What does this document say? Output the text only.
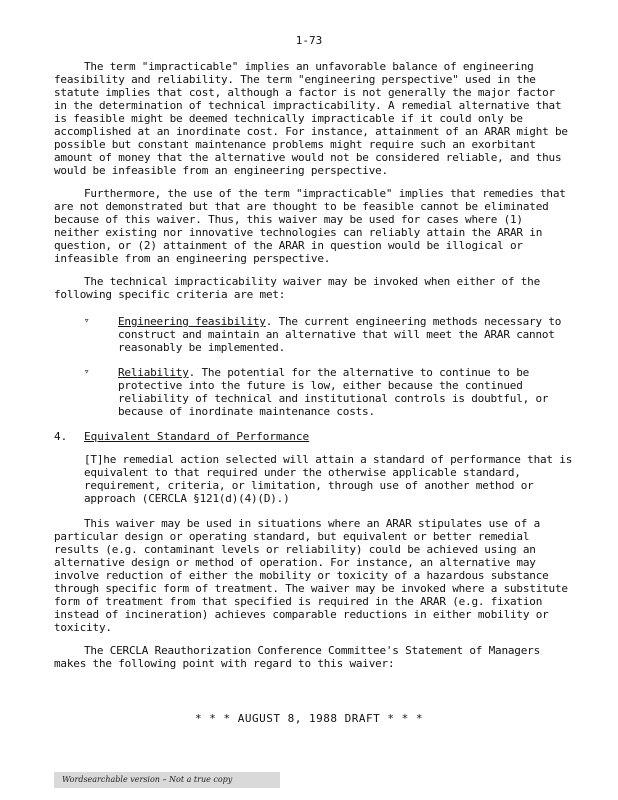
1-73

The term "impracticable" implies an unfavorable balance of engineering feasibility and reliability. The term "engineering perspective" used in the statute implies that cost, although a factor is not generally the major factor in the determination of technical impracticability. A remedial alternative that is feasible might be deemed technically impracticable if it could only be accomplished at an inordinate cost. For instance, attainment of an ARAR might be possible but constant maintenance problems might require such an exorbitant amount of money that the alternative would not be considered reliable, and thus would be infeasible from an engineering perspective.

Furthermore, the use of the term "impracticable" implies that remedies that are not demonstrated but that are thought to be feasible cannot be eliminated because of this waiver. Thus, this waiver may be used for cases where (1) neither existing nor innovative technologies can reliably attain the ARAR in question, or (2) attainment of the ARAR in question would be illogical or infeasible from an engineering perspective.

The technical impracticability waiver may be invoked when either of the following specific criteria are met:

▿	Engineering feasibility. The current engineering methods necessary to construct and maintain an alternative that will meet the ARAR cannot reasonably be implemented.
▿	Reliability. The potential for the alternative to continue to be protective into the future is low, either because the continued reliability of technical and institutional controls is doubtful, or because of inordinate maintenance costs.
4.	Equivalent Standard of Performance

[T]he remedial action selected will attain a standard of performance that is equivalent to that required under the otherwise applicable standard, requirement, criteria, or limitation, through use of another method or approach (CERCLA §121(d)(4)(D).)

This waiver may be used in situations where an ARAR stipulates use of a particular design or operating standard, but equivalent or better remedial results (e.g. contaminant levels or reliability) could be achieved using an alternative design or method of operation. For instance, an alternative may involve reduction of either the mobility or toxicity of a hazardous substance through specific form of treatment. The waiver may be invoked where a substitute form of treatment from that specified is required in the ARAR (e.g. fixation instead of incineration) achieves comparable reductions in either mobility or toxicity.

The CERCLA Reauthorization Conference Committee's Statement of Managers makes the following point with regard to this waiver:

* * * AUGUST 8, 1988 DRAFT * * *
Wordsearchable version – Not a true copy
